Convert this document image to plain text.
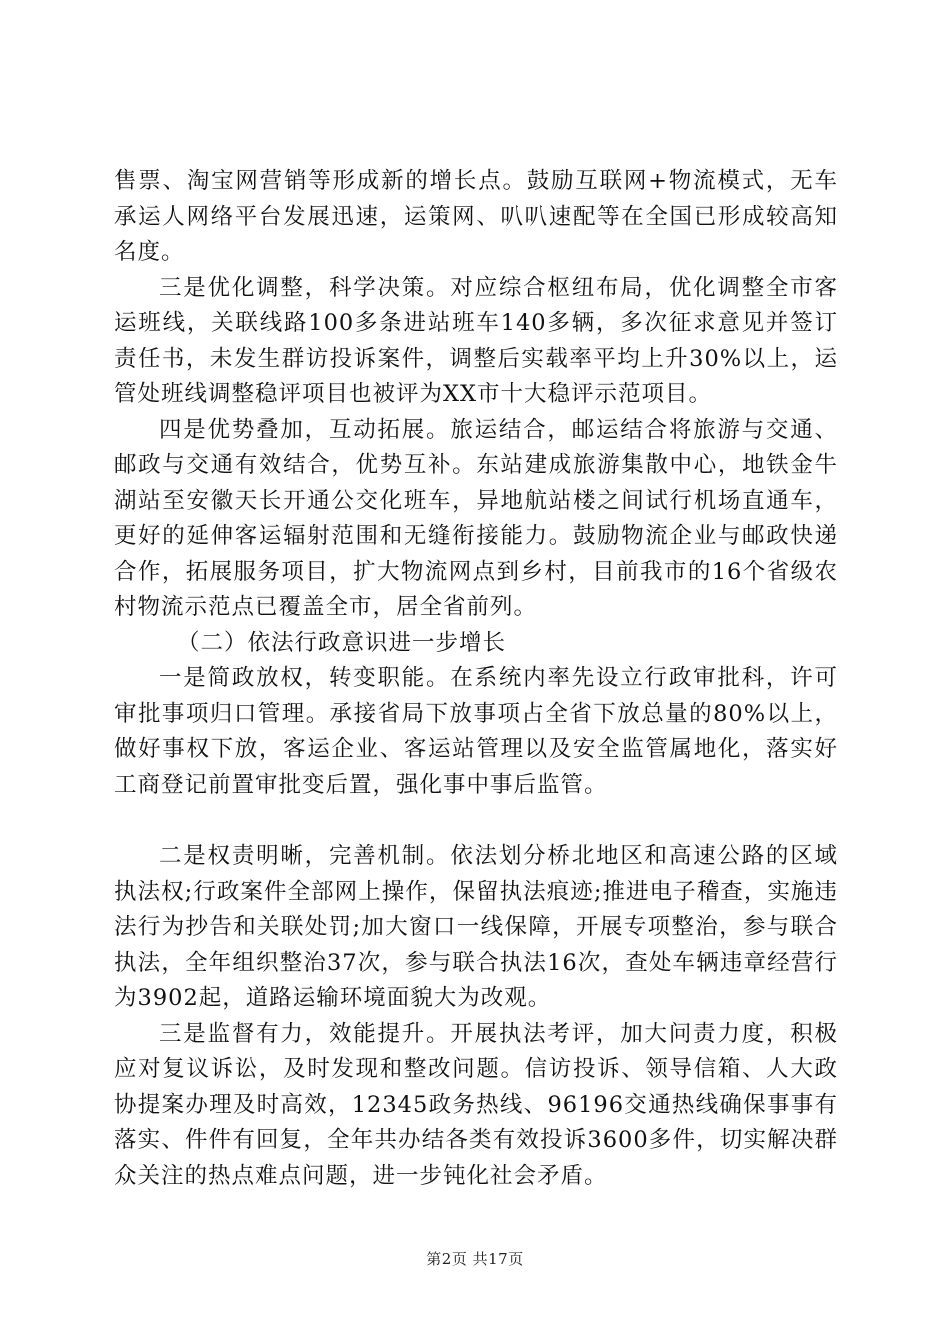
售票、淘宝网营销等形成新的增长点。鼓励互联网+物流模式，无车承运人网络平台发展迅速，运策网、叭叭速配等在全国已形成较高知名度。

三是优化调整，科学决策。对应综合枢纽布局，优化调整全市客运班线，关联线路100多条进站班车140多辆，多次征求意见并签订责任书，未发生群访投诉案件，调整后实载率平均上升30%以上，运管处班线调整稳评项目也被评为XX市十大稳评示范项目。

四是优势叠加，互动拓展。旅运结合，邮运结合将旅游与交通、邮政与交通有效结合，优势互补。东站建成旅游集散中心，地铁金牛湖站至安徽天长开通公交化班车，异地航站楼之间试行机场直通车，更好的延伸客运辐射范围和无缝衔接能力。鼓励物流企业与邮政快递合作，拓展服务项目，扩大物流网点到乡村，目前我市的16个省级农村物流示范点已覆盖全市，居全省前列。

（二）依法行政意识进一步增长

一是简政放权，转变职能。在系统内率先设立行政审批科，许可审批事项归口管理。承接省局下放事项占全省下放总量的80%以上，做好事权下放，客运企业、客运站管理以及安全监管属地化，落实好工商登记前置审批变后置，强化事中事后监管。

二是权责明晰，完善机制。依法划分桥北地区和高速公路的区域执法权;行政案件全部网上操作，保留执法痕迹;推进电子稽查，实施违法行为抄告和关联处罚;加大窗口一线保障，开展专项整治，参与联合执法，全年组织整治37次，参与联合执法16次，查处车辆违章经营行为3902起，道路运输环境面貌大为改观。

三是监督有力，效能提升。开展执法考评，加大问责力度，积极应对复议诉讼，及时发现和整改问题。信访投诉、领导信箱、人大政协提案办理及时高效，12345政务热线、96196交通热线确保事事有落实、件件有回复，全年共办结各类有效投诉3600多件，切实解决群众关注的热点难点问题，进一步钝化社会矛盾。

第2页 共17页
